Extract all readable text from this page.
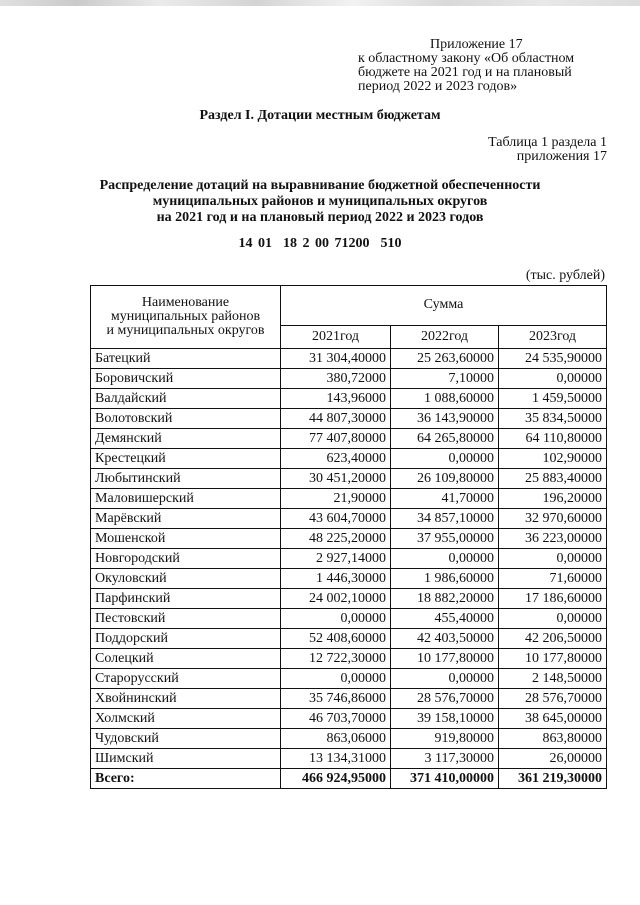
Приложение 17
к областному закону «Об областном
бюджете на 2021 год и на плановый
период 2022 и 2023 годов»
Раздел I. Дотации местным бюджетам
Таблица 1 раздела 1
приложения 17
Распределение дотаций на выравнивание бюджетной обеспеченности
муниципальных районов и муниципальных округов
на 2021 год и на плановый период 2022 и 2023 годов
14 01  18 2 00 71200  510
(тыс. рублей)
Наименование
муниципальных районов
и муниципальных округов	Сумма		
	2021год	2022год	2023год
Батецкий	31 304,40000	25 263,60000	24 535,90000
Боровичский	380,72000	7,10000	0,00000
Валдайский	143,96000	1 088,60000	1 459,50000
Волотовский	44 807,30000	36 143,90000	35 834,50000
Демянский	77 407,80000	64 265,80000	64 110,80000
Крестецкий	623,40000	0,00000	102,90000
Любытинский	30 451,20000	26 109,80000	25 883,40000
Маловишерский	21,90000	41,70000	196,20000
Марёвский	43 604,70000	34 857,10000	32 970,60000
Мошенской	48 225,20000	37 955,00000	36 223,00000
Новгородский	2 927,14000	0,00000	0,00000
Окуловский	1 446,30000	1 986,60000	71,60000
Парфинский	24 002,10000	18 882,20000	17 186,60000
Пестовский	0,00000	455,40000	0,00000
Поддорский	52 408,60000	42 403,50000	42 206,50000
Солецкий	12 722,30000	10 177,80000	10 177,80000
Старорусский	0,00000	0,00000	2 148,50000
Хвойнинский	35 746,86000	28 576,70000	28 576,70000
Холмский	46 703,70000	39 158,10000	38 645,00000
Чудовский	863,06000	919,80000	863,80000
Шимский	13 134,31000	3 117,30000	26,00000
Всего:	466 924,95000	371 410,00000	361 219,30000
